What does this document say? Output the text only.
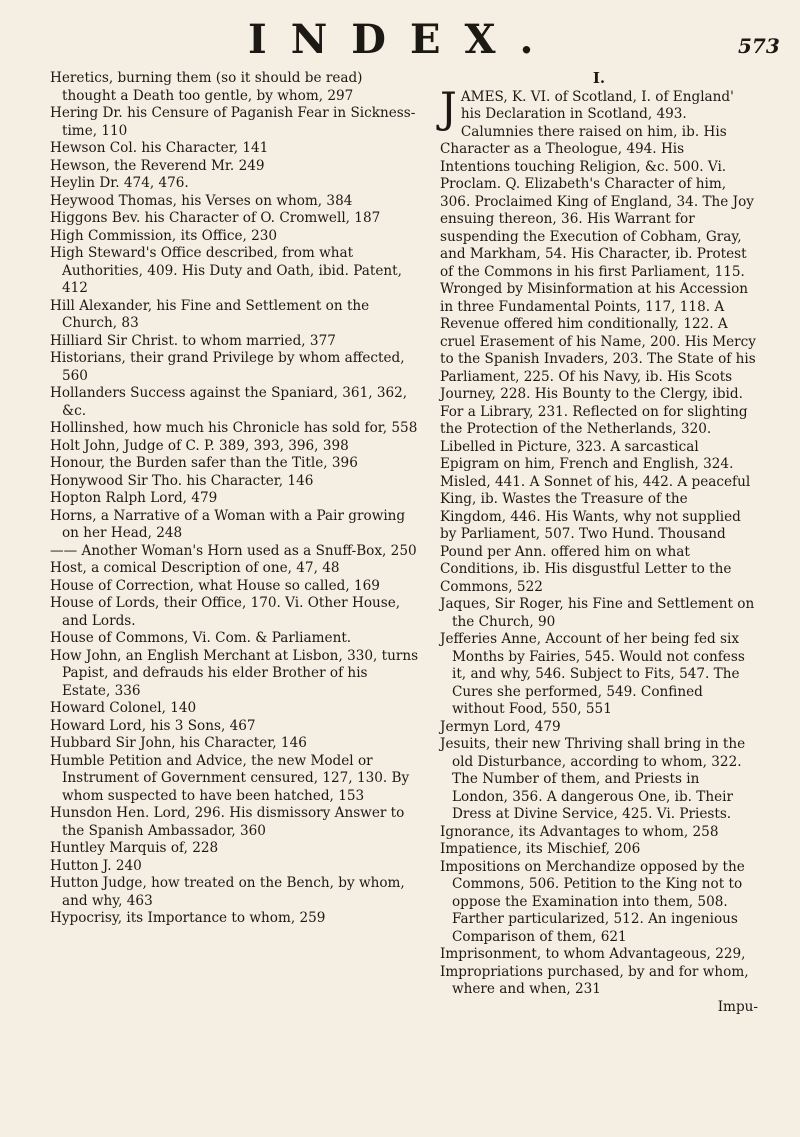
INDEX.	573

Heretics, burning them (so it should be read) thought a Death too gentle, by whom, 297

Hering Dr. his Censure of Paganish Fear in Sickness-time, 110

Hewson Col. his Character, 141

Hewson, the Reverend Mr. 249

Heylin Dr. 474, 476.

Heywood Thomas, his Verses on whom, 384

Higgons Bev. his Character of O. Cromwell, 187

High Commission, its Office, 230

High Steward's Office described, from what Authorities, 409. His Duty and Oath, ibid. Patent, 412

Hill Alexander, his Fine and Settlement on the Church, 83

Hilliard Sir Christ. to whom married, 377

Historians, their grand Privilege by whom affected, 560

Hollanders Success against the Spaniard, 361, 362, &c.

Hollinshed, how much his Chronicle has sold for, 558

Holt John, Judge of C. P. 389, 393, 396, 398

Honour, the Burden safer than the Title, 396

Honywood Sir Tho. his Character, 146

Hopton Ralph Lord, 479

Horns, a Narrative of a Woman with a Pair growing on her Head, 248

—— Another Woman's Horn used as a Snuff-Box, 250

Host, a comical Description of one, 47, 48

House of Correction, what House so called, 169

House of Lords, their Office, 170. Vi. Other House, and Lords.

House of Commons, Vi. Com. & Parliament.

How John, an English Merchant at Lisbon, 330, turns Papist, and defrauds his elder Brother of his Estate, 336

Howard Colonel, 140

Howard Lord, his 3 Sons, 467

Hubbard Sir John, his Character, 146

Humble Petition and Advice, the new Model or Instrument of Government censured, 127, 130. By whom suspected to have been hatched, 153

Hunsdon Hen. Lord, 296. His dismissory Answer to the Spanish Ambassador, 360

Huntley Marquis of, 228

Hutton J. 240

Hutton Judge, how treated on the Bench, by whom, and why, 463

Hypocrisy, its Importance to whom, 259

I.

JAMES, K. VI. of Scotland, I. of England' his Declaration in Scotland, 493. Calumnies there raised on him, ib. His Character as a Theologue, 494. His Intentions touching Religion, &c. 500. Vi. Proclam. Q. Elizabeth's Character of him, 306. Proclaimed King of England, 34. The Joy ensuing thereon, 36. His Warrant for suspending the Execution of Cobham, Gray, and Markham, 54. His Character, ib. Protest of the Commons in his first Parliament, 115. Wronged by Misinformation at his Accession in three Fundamental Points, 117, 118. A Revenue offered him conditionally, 122. A cruel Erasement of his Name, 200. His Mercy to the Spanish Invaders, 203. The State of his Parliament, 225. Of his Navy, ib. His Scots Journey, 228. His Bounty to the Clergy, ibid. For a Library, 231. Reflected on for slighting the Protection of the Netherlands, 320. Libelled in Picture, 323. A sarcastical Epigram on him, French and English, 324. Misled, 441. A Sonnet of his, 442. A peaceful King, ib. Wastes the Treasure of the Kingdom, 446. His Wants, why not supplied by Parliament, 507. Two Hund. Thousand Pound per Ann. offered him on what Conditions, ib. His disgustful Letter to the Commons, 522

Jaques, Sir Roger, his Fine and Settlement on the Church, 90

Jefferies Anne, Account of her being fed six Months by Fairies, 545. Would not confess it, and why, 546. Subject to Fits, 547. The Cures she performed, 549. Confined without Food, 550, 551

Jermyn Lord, 479

Jesuits, their new Thriving shall bring in the old Disturbance, according to whom, 322. The Number of them, and Priests in London, 356. A dangerous One, ib. Their Dress at Divine Service, 425. Vi. Priests.

Ignorance, its Advantages to whom, 258

Impatience, its Mischief, 206

Impositions on Merchandize opposed by the Commons, 506. Petition to the King not to oppose the Examination into them, 508. Farther particularized, 512. An ingenious Comparison of them, 621

Imprisonment, to whom Advantageous, 229,

Impropriations purchased, by and for whom, where and when, 231

Impu-
